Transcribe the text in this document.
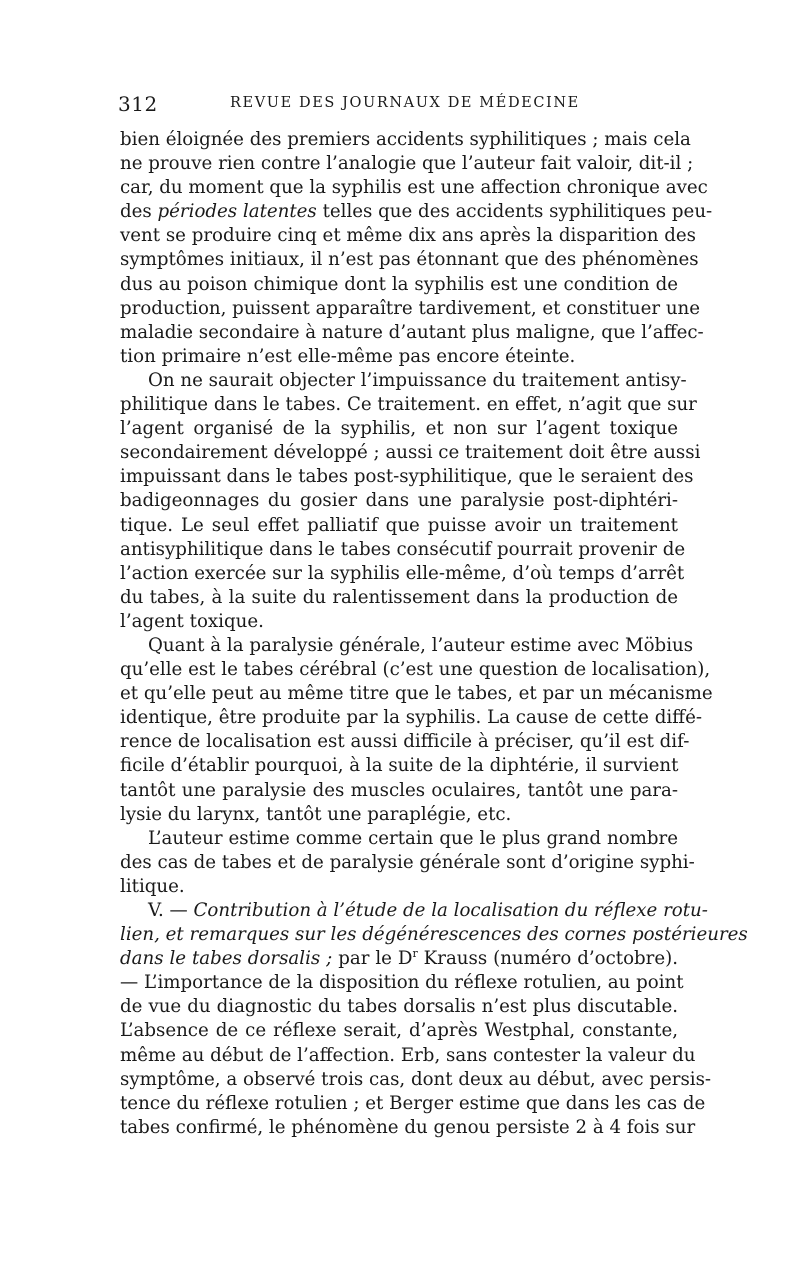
312	REVUE DES JOURNAUX DE MÉDECINE
bien éloignée des premiers accidents syphilitiques ; mais cela
ne prouve rien contre l’analogie que l’auteur fait valoir, dit-il ;
car, du moment que la syphilis est une affection chronique avec
des périodes latentes telles que des accidents syphilitiques peu-
vent se produire cinq et même dix ans après la disparition des
symptômes initiaux, il n’est pas étonnant que des phénomènes
dus au poison chimique dont la syphilis est une condition de
production, puissent apparaître tardivement, et constituer une
maladie secondaire à nature d’autant plus maligne, que l’affec-
tion primaire n’est elle-même pas encore éteinte.
On ne saurait objecter l’impuissance du traitement antisy-
philitique dans le tabes. Ce traitement. en effet, n’agit que sur
l’agent organisé de la syphilis, et non sur l’agent toxique
secondairement développé ; aussi ce traitement doit être aussi
impuissant dans le tabes post-syphilitique, que le seraient des
badigeonnages du gosier dans une paralysie post-diphtéri-
tique. Le seul effet palliatif que puisse avoir un traitement
antisyphilitique dans le tabes consécutif pourrait provenir de
l’action exercée sur la syphilis elle-même, d’où temps d’arrêt
du tabes, à la suite du ralentissement dans la production de
l’agent toxique.
Quant à la paralysie générale, l’auteur estime avec Möbius
qu’elle est le tabes cérébral (c’est une question de localisation),
et qu’elle peut au même titre que le tabes, et par un mécanisme
identique, être produite par la syphilis. La cause de cette diffé-
rence de localisation est aussi difficile à préciser, qu’il est dif-
ficile d’établir pourquoi, à la suite de la diphtérie, il survient
tantôt une paralysie des muscles oculaires, tantôt une para-
lysie du larynx, tantôt une paraplégie, etc.
L’auteur estime comme certain que le plus grand nombre
des cas de tabes et de paralysie générale sont d’origine syphi-
litique.
V. — Contribution à l’étude de la localisation du réflexe rotu-
lien, et remarques sur les dégénérescences des cornes postérieures
dans le tabes dorsalis ; par le $D^r$ Krauss (numéro d’octobre).
— L’importance de la disposition du réflexe rotulien, au point
de vue du diagnostic du tabes dorsalis n’est plus discutable.
L’absence de ce réflexe serait, d’après Westphal, constante,
même au début de l’affection. Erb, sans contester la valeur du
symptôme, a observé trois cas, dont deux au début, avec persis-
tence du réflexe rotulien ; et Berger estime que dans les cas de
tabes confirmé, le phénomène du genou persiste 2 à 4 fois sur
